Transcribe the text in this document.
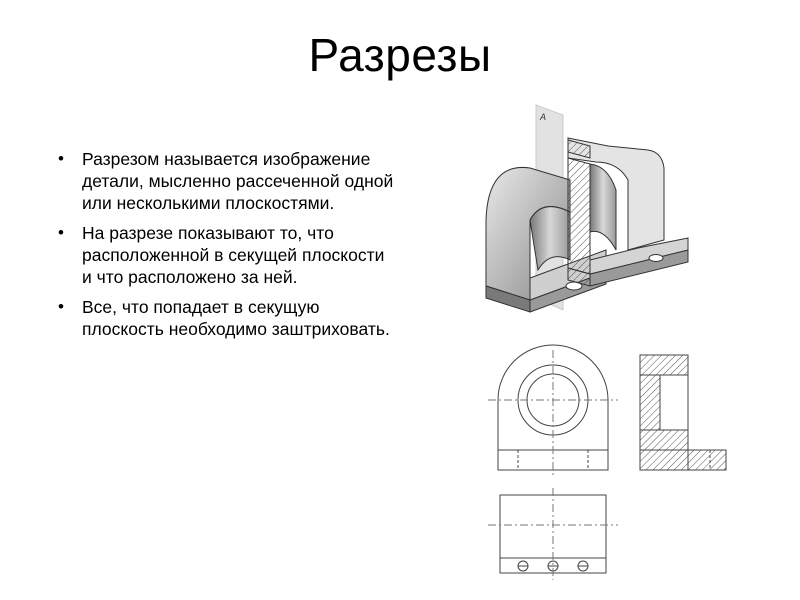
Разрезы
• Разрезом называется изображение детали, мысленно рассеченной одной или несколькими плоскостями.
• На разрезе показывают то, что расположенной в секущей плоскости и что расположено за ней.
• Все, что попадает в секущую плоскость необходимо заштриховать.
A
